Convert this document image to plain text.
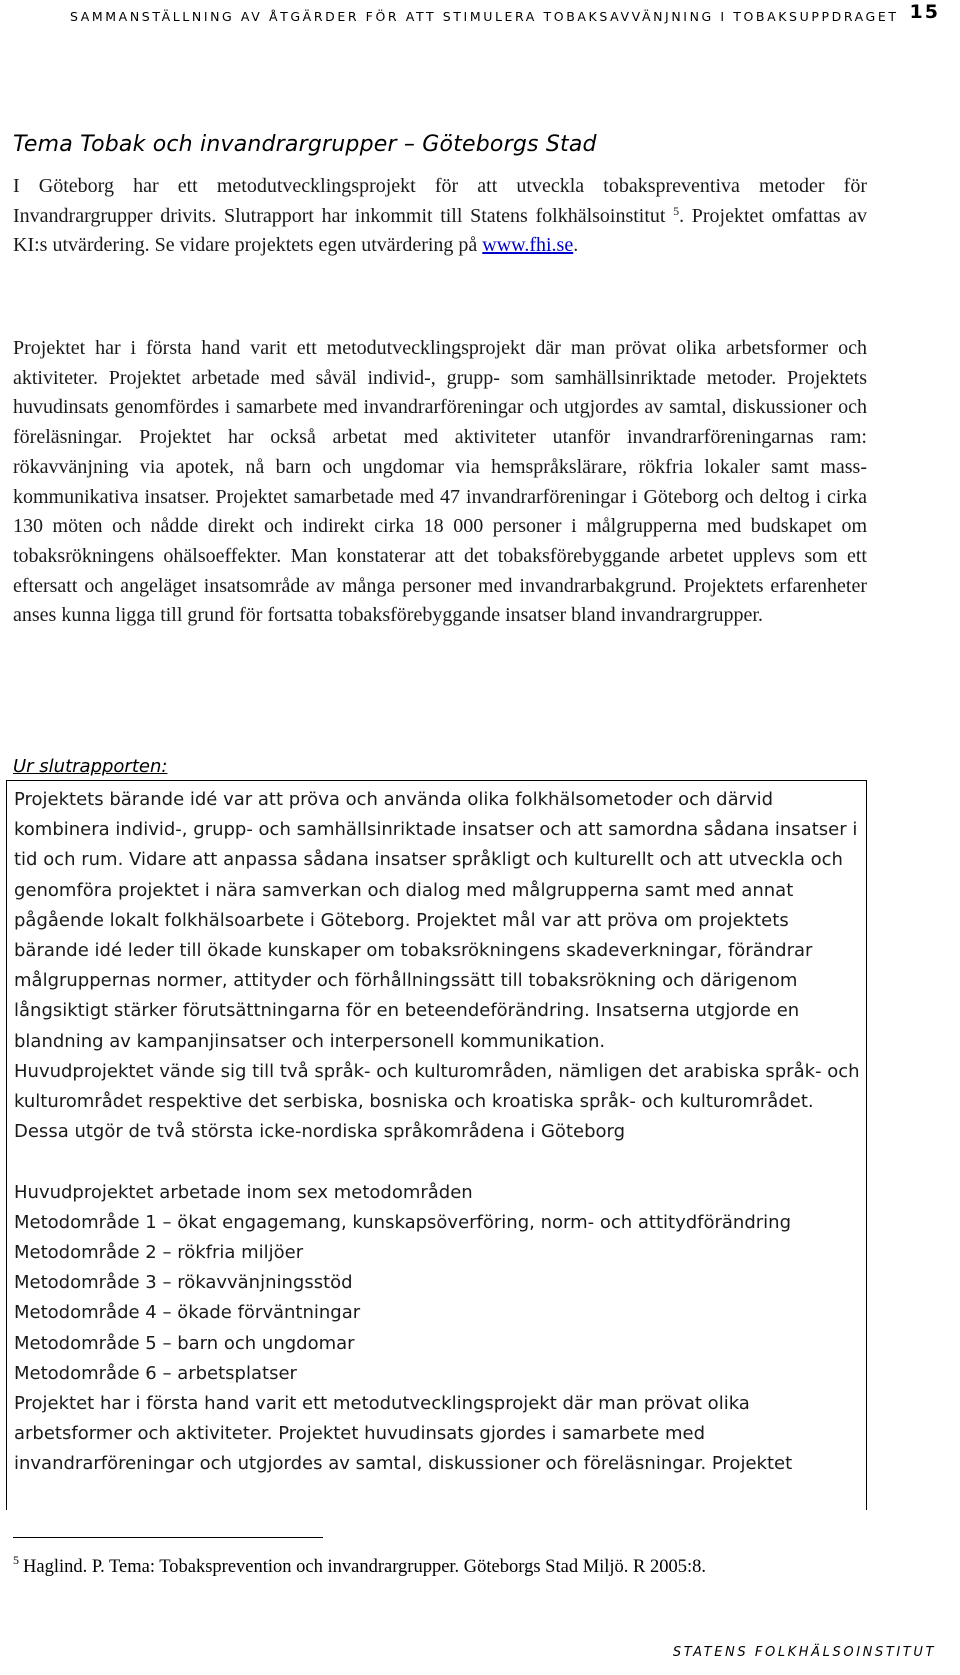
SAMMANSTÄLLNING AV ÅTGÄRDER FÖR ATT STIMULERA TOBAKSAVVÄNJNING I TOBAKSUPPDRAGET 15
Tema Tobak och invandrargrupper – Göteborgs Stad
I Göteborg har ett metodutvecklingsprojekt för att utveckla tobakspreventiva metoder för Invandrargrupper drivits. Slutrapport har inkommit till Statens folkhälsoinstitut $^5$. Projektet omfattas av KI:s utvärdering. Se vidare projektets egen utvärdering på www.fhi.se.
Projektet har i första hand varit ett metodutvecklingsprojekt där man prövat olika arbetsformer och aktiviteter. Projektet arbetade med såväl individ-, grupp- som samhällsinriktade metoder. Projektets huvudinsats genomfördes i samarbete med invandrarföreningar och utgjordes av samtal, diskussioner och föreläsningar. Projektet har också arbetat med aktiviteter utanför invandrarföreningarnas ram: rökavvänjning via apotek, nå barn och ungdomar via hemspråkslärare, rökfria lokaler samt mass-kommunikativa insatser. Projektet samarbetade med 47 invandrarföreningar i Göteborg och deltog i cirka 130 möten och nådde direkt och indirekt cirka 18 000 personer i målgrupperna med budskapet om tobaksrökningens ohälsoeffekter. Man konstaterar att det tobaksförebyggande arbetet upplevs som ett eftersatt och angeläget insatsområde av många personer med invandrarbakgrund. Projektets erfarenheter anses kunna ligga till grund för fortsatta tobaksförebyggande insatser bland invandrargrupper.
Ur slutrapporten:

Projektets bärande idé var att pröva och använda olika folkhälsometoder och därvid kombinera individ-, grupp- och samhällsinriktade insatser och att samordna sådana insatser i tid och rum. Vidare att anpassa sådana insatser språkligt och kulturellt och att utveckla och genomföra projektet i nära samverkan och dialog med målgrupperna samt med annat pågående lokalt folkhälsoarbete i Göteborg. Projektet mål var att pröva om projektets bärande idé leder till ökade kunskaper om tobaksrökningens skadeverkningar, förändrar målgruppernas normer, attityder och förhållningssätt till tobaksrökning och därigenom långsiktigt stärker förutsättningarna för en beteendeförändring. Insatserna utgjorde en blandning av kampanjinsatser och interpersonell kommunikation.

Huvudprojektet vände sig till två språk- och kulturområden, nämligen det arabiska språk- och kulturområdet respektive det serbiska, bosniska och kroatiska språk- och kulturområdet. Dessa utgör de två största icke-nordiska språkområdena i Göteborg

Huvudprojektet arbetade inom sex metodområden

Metodområde 1 – ökat engagemang, kunskapsöverföring, norm- och attitydförändring

Metodområde 2 – rökfria miljöer

Metodområde 3 – rökavvänjningsstöd

Metodområde 4 – ökade förväntningar

Metodområde 5 – barn och ungdomar

Metodområde 6 – arbetsplatser

Projektet har i första hand varit ett metodutvecklingsprojekt där man prövat olika arbetsformer och aktiviteter. Projektet huvudinsats gjordes i samarbete med invandrarföreningar och utgjordes av samtal, diskussioner och föreläsningar. Projektet

$^5$ Haglind. P. Tema: Tobaksprevention och invandrargrupper. Göteborgs Stad Miljö. R 2005:8.
STATENS FOLKHÄLSOINSTITUT
